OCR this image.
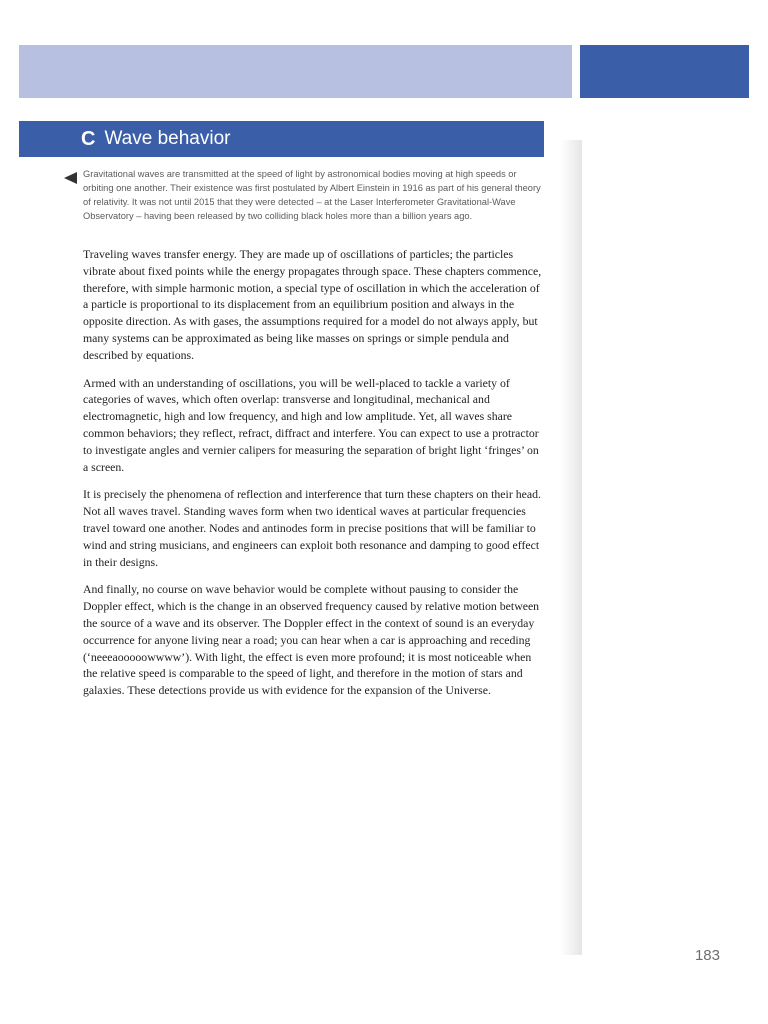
C Wave behavior

Gravitational waves are transmitted at the speed of light by astronomical bodies moving at high speeds or orbiting one another. Their existence was first postulated by Albert Einstein in 1916 as part of his general theory of relativity. It was not until 2015 that they were detected – at the Laser Interferometer Gravitational-Wave Observatory – having been released by two colliding black holes more than a billion years ago.

Traveling waves transfer energy. They are made up of oscillations of particles; the particles vibrate about fixed points while the energy propagates through space. These chapters commence, therefore, with simple harmonic motion, a special type of oscillation in which the acceleration of a particle is proportional to its displacement from an equilibrium position and always in the opposite direction. As with gases, the assumptions required for a model do not always apply, but many systems can be approximated as being like masses on springs or simple pendula and described by equations.

Armed with an understanding of oscillations, you will be well-placed to tackle a variety of categories of waves, which often overlap: transverse and longitudinal, mechanical and electromagnetic, high and low frequency, and high and low amplitude. Yet, all waves share common behaviors; they reflect, refract, diffract and interfere. You can expect to use a protractor to investigate angles and vernier calipers for measuring the separation of bright light ‘fringes’ on a screen.

It is precisely the phenomena of reflection and interference that turn these chapters on their head. Not all waves travel. Standing waves form when two identical waves at particular frequencies travel toward one another. Nodes and antinodes form in precise positions that will be familiar to wind and string musicians, and engineers can exploit both resonance and damping to good effect in their designs.

And finally, no course on wave behavior would be complete without pausing to consider the Doppler effect, which is the change in an observed frequency caused by relative motion between the source of a wave and its observer. The Doppler effect in the context of sound is an everyday occurrence for anyone living near a road; you can hear when a car is approaching and receding (‘neeeaooooowwww’). With light, the effect is even more profound; it is most noticeable when the relative speed is comparable to the speed of light, and therefore in the motion of stars and galaxies. These detections provide us with evidence for the expansion of the Universe.

183
